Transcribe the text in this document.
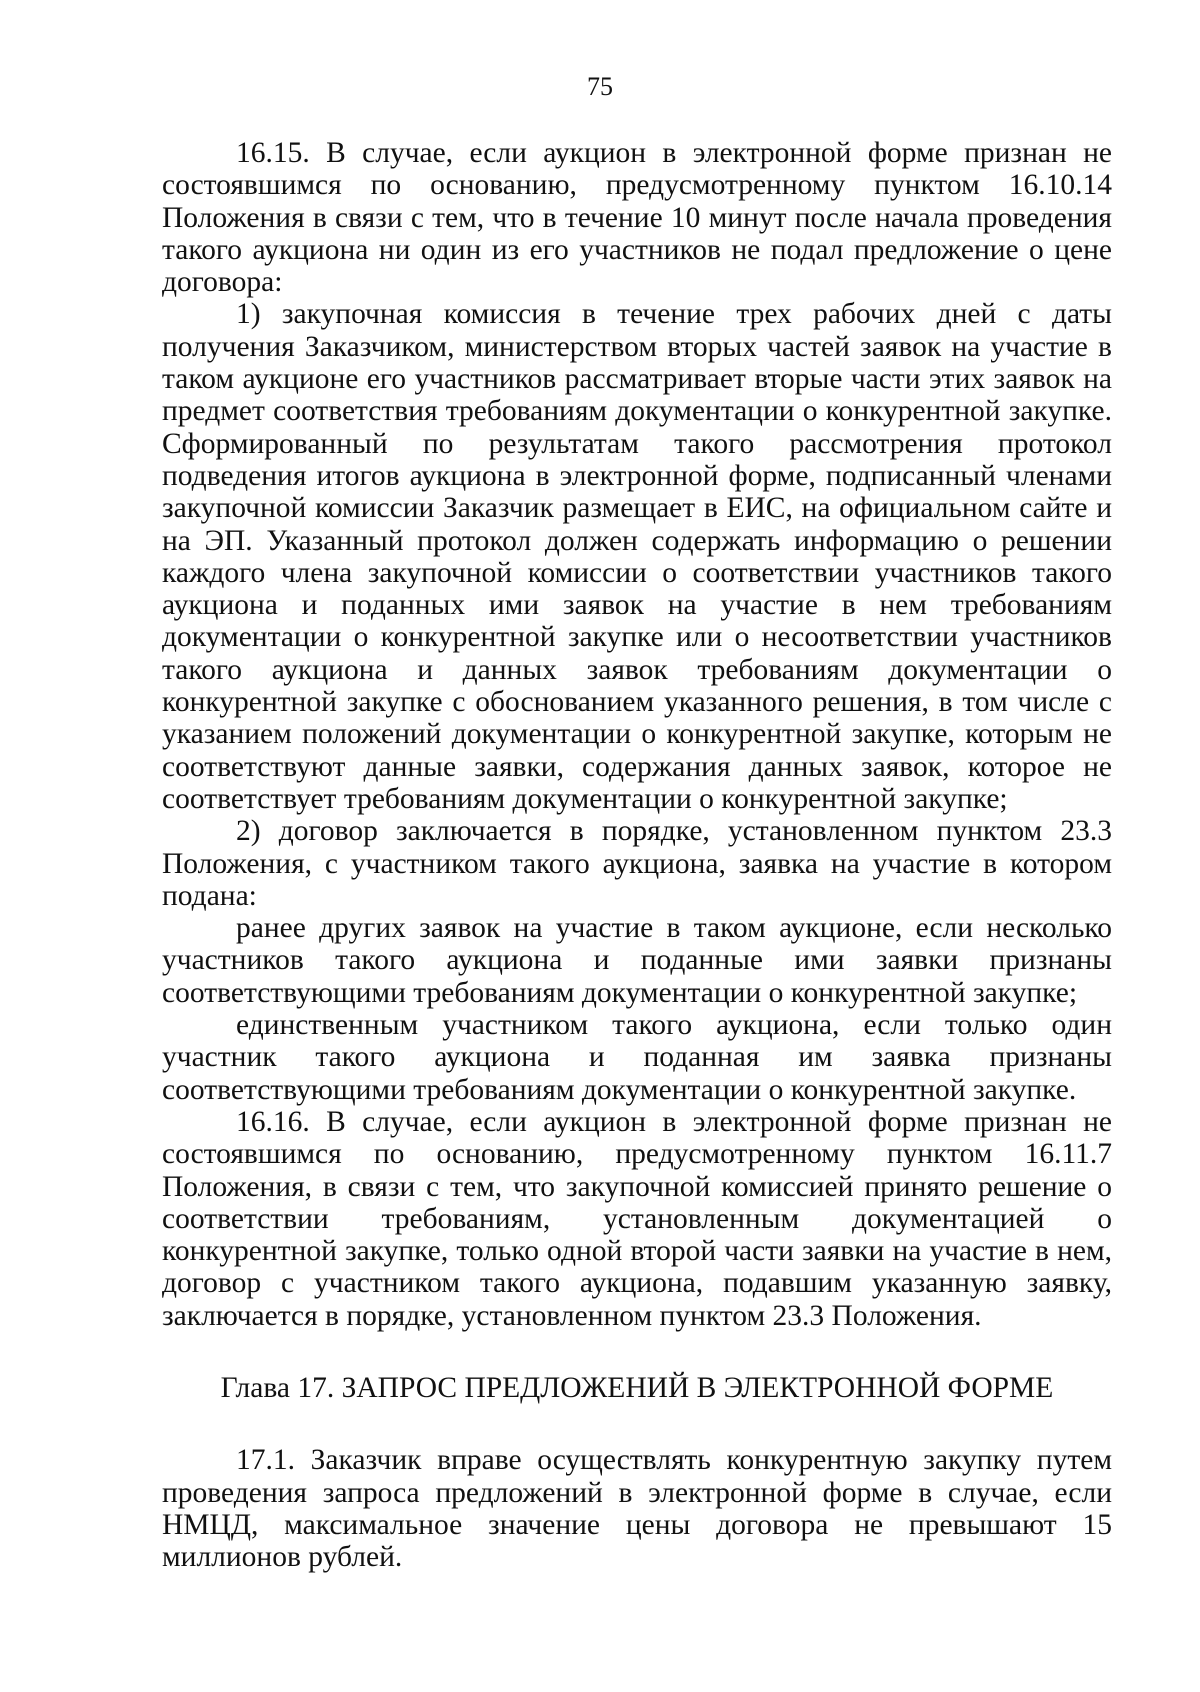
75

16.15. В случае, если аукцион в электронной форме признан не состоявшимся по основанию, предусмотренному пунктом 16.10.14 Положения в связи с тем, что в течение 10 минут после начала проведения такого аукциона ни один из его участников не подал предложение о цене договора:

1) закупочная комиссия в течение трех рабочих дней с даты получения Заказчиком, министерством вторых частей заявок на участие в таком аукционе его участников рассматривает вторые части этих заявок на предмет соответствия требованиям документации о конкурентной закупке. Сформированный по результатам такого рассмотрения протокол подведения итогов аукциона в электронной форме, подписанный членами закупочной комиссии Заказчик размещает в ЕИС, на официальном сайте и на ЭП. Указанный протокол должен содержать информацию о решении каждого члена закупочной комиссии о соответствии участников такого аукциона и поданных ими заявок на участие в нем требованиям документации о конкурентной закупке или о несоответствии участников такого аукциона и данных заявок требованиям документации о конкурентной закупке с обоснованием указанного решения, в том числе с указанием положений документации о конкурентной закупке, которым не соответствуют данные заявки, содержания данных заявок, которое не соответствует требованиям документации о конкурентной закупке;

2) договор заключается в порядке, установленном пунктом 23.3 Положения, с участником такого аукциона, заявка на участие в котором подана:

ранее других заявок на участие в таком аукционе, если несколько участников такого аукциона и поданные ими заявки признаны соответствующими требованиям документации о конкурентной закупке;

единственным участником такого аукциона, если только один участник такого аукциона и поданная им заявка признаны соответствующими требованиям документации о конкурентной закупке.

16.16. В случае, если аукцион в электронной форме признан не состоявшимся по основанию, предусмотренному пунктом 16.11.7 Положения, в связи с тем, что закупочной комиссией принято решение о соответствии требованиям, установленным документацией о конкурентной закупке, только одной второй части заявки на участие в нем, договор с участником такого аукциона, подавшим указанную заявку, заключается в порядке, установленном пунктом 23.3 Положения.

Глава 17. ЗАПРОС ПРЕДЛОЖЕНИЙ В ЭЛЕКТРОННОЙ ФОРМЕ

17.1. Заказчик вправе осуществлять конкурентную закупку путем проведения запроса предложений в электронной форме в случае, если НМЦД, максимальное значение цены договора не превышают 15 миллионов рублей.
